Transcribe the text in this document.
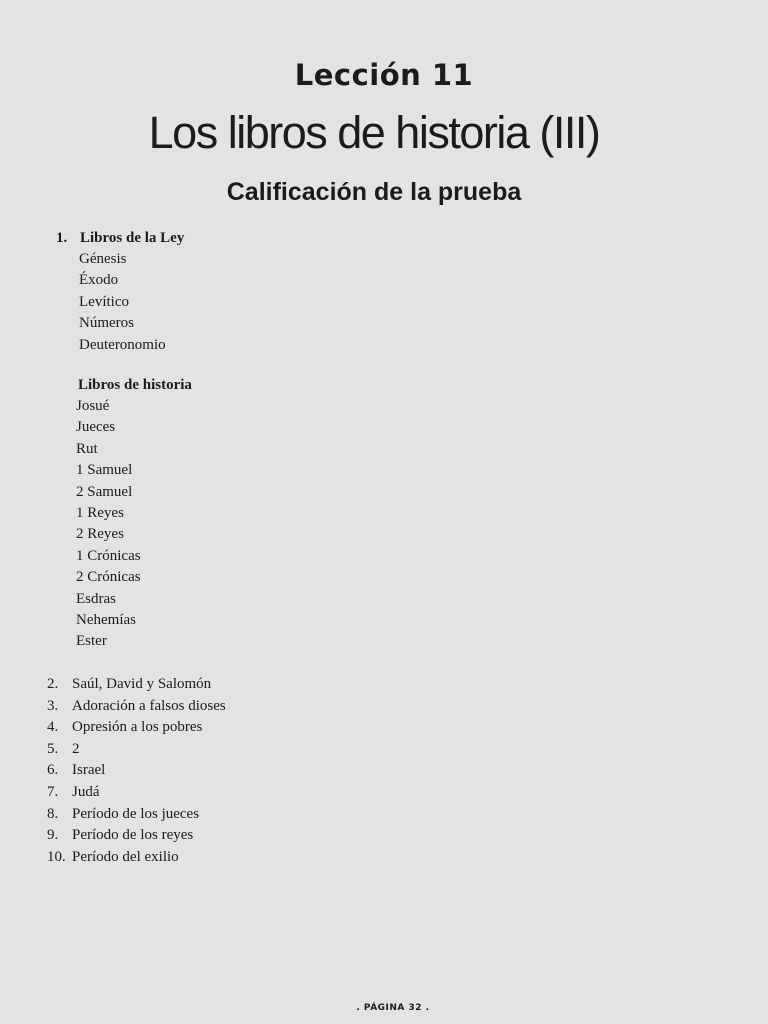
Lección 11
Los libros de historia (III)
Calificación de la prueba
1. Libros de la Ley
Génesis
Éxodo
Levítico
Números
Deuteronomio
Libros de historia
Josué
Jueces
Rut
1 Samuel
2 Samuel
1 Reyes
2 Reyes
1 Crónicas
2 Crónicas
Esdras
Nehemías
Ester
2. Saúl, David y Salomón
3. Adoración a falsos dioses
4. Opresión a los pobres
5. 2
6. Israel
7. Judá
8. Período de los jueces
9. Período de los reyes
10. Período del exilio
. PÁGINA 32 .
